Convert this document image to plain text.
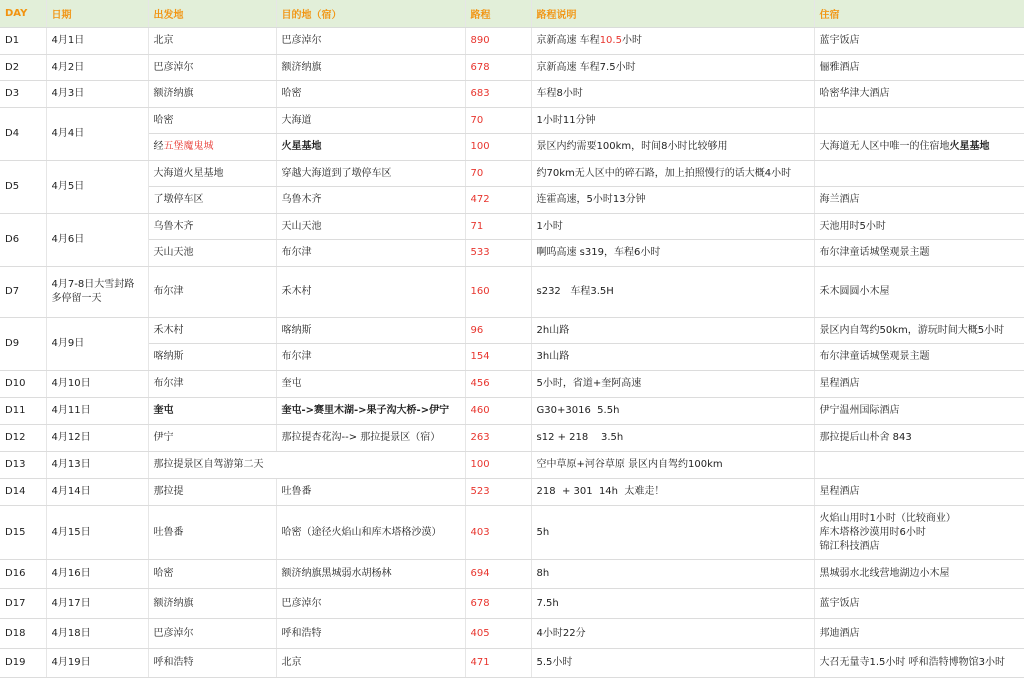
DAY	日期	出发地	目的地（宿）	路程	路程说明	住宿
D1	4月1日	北京	巴彦淖尔	890	京新高速 车程10.5小时	蓝宇饭店
D2	4月2日	巴彦淖尔	额济纳旗	678	京新高速 车程7.5小时	俪雅酒店
D3	4月3日	额济纳旗	哈密	683	车程8小时	哈密华津大酒店
D4	4月4日	哈密	大海道	70	1小时11分钟	
		经五堡魔鬼城	火星基地	100	景区内约需要100km，时间8小时比较够用	大海道无人区中唯一的住宿地火星基地
D5	4月5日	大海道火星基地	穿越大海道到了墩停车区	70	约70km无人区中的碎石路，加上拍照慢行的话大概4小时	
		了墩停车区	乌鲁木齐	472	连霍高速，5小时13分钟	海兰酒店
D6	4月6日	乌鲁木齐	天山天池	71	1小时	天池用时5小时
		天山天池	布尔津	533	啊呜高速 s319，车程6小时	布尔津童话城堡观景主题
D7	4月7-8日大雪封路多停留一天	布尔津	禾木村	160	s232   车程3.5H	禾木圆圆小木屋
D9	4月9日	禾木村	喀纳斯	96	2h山路	景区内自驾约50km，游玩时间大概5小时
		喀纳斯	布尔津	154	3h山路	布尔津童话城堡观景主题
D10	4月10日	布尔津	奎屯	456	5小时，省道+奎阿高速	星程酒店
D11	4月11日	奎屯	奎屯->赛里木湖->果子沟大桥->伊宁	460	G30+3016  5.5h	伊宁温州国际酒店
D12	4月12日	伊宁	那拉提杏花沟--> 那拉提景区（宿）	263	s12 + 218    3.5h	那拉提后山朴舍 843
D13	4月13日	那拉提景区自驾游第二天		100	空中草原+河谷草原 景区内自驾约100km	
D14	4月14日	那拉提	吐鲁番	523	218  + 301  14h  太难走！	星程酒店
D15	4月15日	吐鲁番	哈密（途径火焰山和库木塔格沙漠）	403	5h	火焰山用时1小时（比较商业）
库木塔格沙漠用时6小时
锦江科技酒店

D16	4月16日	哈密	额济纳旗黑城弱水胡杨林	694	8h	黑城弱水北线营地湖边小木屋
D17	4月17日	额济纳旗	巴彦淖尔	678	7.5h	蓝宇饭店
D18	4月18日	巴彦淖尔	呼和浩特	405	4小时22分	邦迪酒店
D19	4月19日	呼和浩特	北京	471	5.5小时	大召无量寺1.5小时 呼和浩特博物馆3小时
